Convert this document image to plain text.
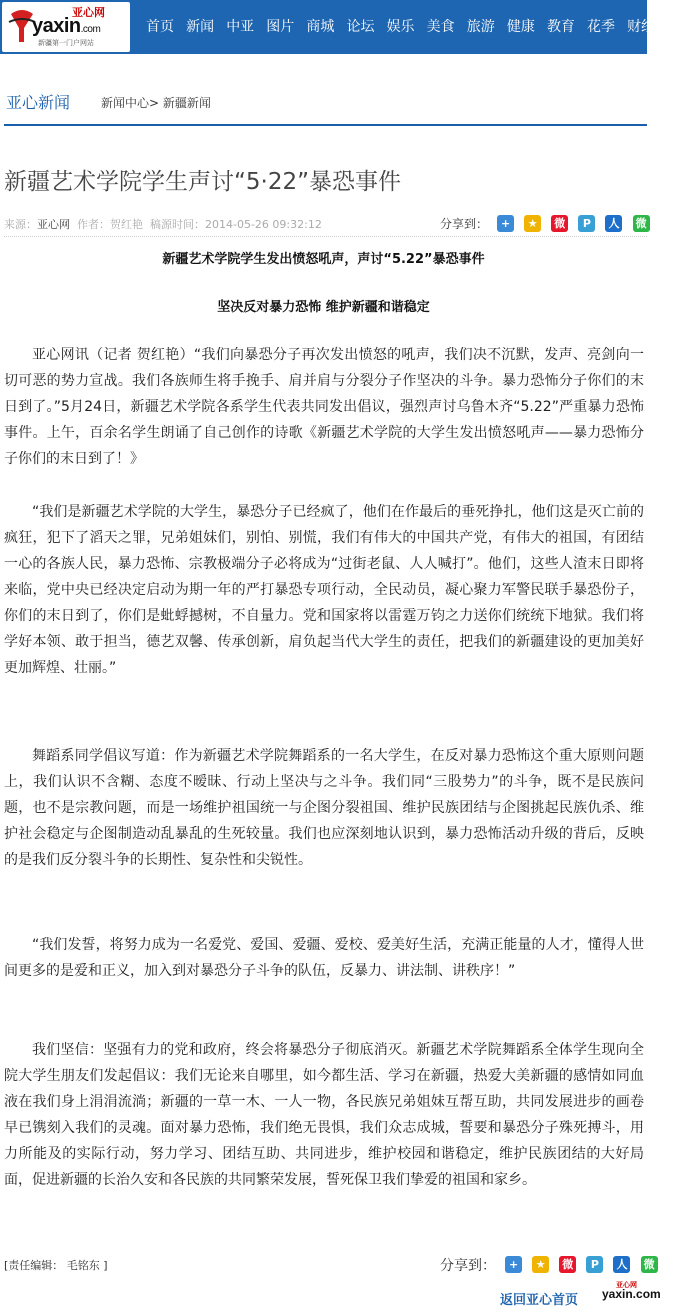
亚心网
yaxin.com
新疆第一门户网站
首页 新闻 中亚 图片 商城 论坛 娱乐 美食 旅游 健康 教育 花季 财经 房
亚心新闻	新闻中心> 新疆新闻
新疆艺术学院学生声讨“5·22”暴恐事件
来源：亚心网 作者：贺红艳 稿源时间：2014-05-26 09:32:12	分享到： + ★ 微 P 人 微
新疆艺术学院学生发出愤怒吼声，声讨“5.22”暴恐事件
坚决反对暴力恐怖 维护新疆和谐稳定

亚心网讯（记者 贺红艳）“我们向暴恐分子再次发出愤怒的吼声，我们决不沉默，发声、亮剑向一切可恶的势力宣战。我们各族师生将手挽手、肩并肩与分裂分子作坚决的斗争。暴力恐怖分子你们的末日到了。”5月24日，新疆艺术学院各系学生代表共同发出倡议，强烈声讨乌鲁木齐“5.22”严重暴力恐怖事件。上午，百余名学生朗诵了自己创作的诗歌《新疆艺术学院的大学生发出愤怒吼声——暴力恐怖分子你们的末日到了！》

“我们是新疆艺术学院的大学生，暴恐分子已经疯了，他们在作最后的垂死挣扎，他们这是灭亡前的疯狂，犯下了滔天之罪，兄弟姐妹们，别怕、别慌，我们有伟大的中国共产党，有伟大的祖国，有团结一心的各族人民，暴力恐怖、宗教极端分子必将成为“过街老鼠、人人喊打”。他们，这些人渣末日即将来临，党中央已经决定启动为期一年的严打暴恐专项行动，全民动员，凝心聚力军警民联手暴恐份子，你们的末日到了，你们是蚍蜉撼树，不自量力。党和国家将以雷霆万钧之力送你们统统下地狱。我们将学好本领、敢于担当，德艺双馨、传承创新，肩负起当代大学生的责任，把我们的新疆建设的更加美好更加辉煌、壮丽。”

舞蹈系同学倡议写道：作为新疆艺术学院舞蹈系的一名大学生，在反对暴力恐怖这个重大原则问题上，我们认识不含糊、态度不暧昧、行动上坚决与之斗争。我们同“三股势力”的斗争，既不是民族问题，也不是宗教问题，而是一场维护祖国统一与企图分裂祖国、维护民族团结与企图挑起民族仇杀、维护社会稳定与企图制造动乱暴乱的生死较量。我们也应深刻地认识到，暴力恐怖活动升级的背后，反映的是我们反分裂斗争的长期性、复杂性和尖锐性。

“我们发誓，将努力成为一名爱党、爱国、爱疆、爱校、爱美好生活，充满正能量的人才，懂得人世间更多的是爱和正义，加入到对暴恐分子斗争的队伍，反暴力、讲法制、讲秩序！”

我们坚信：坚强有力的党和政府，终会将暴恐分子彻底消灭。新疆艺术学院舞蹈系全体学生现向全院大学生朋友们发起倡议：我们无论来自哪里，如今都生活、学习在新疆，热爱大美新疆的感情如同血液在我们身上涓涓流淌；新疆的一草一木、一人一物，各民族兄弟姐妹互帮互助，共同发展进步的画卷早已镌刻入我们的灵魂。面对暴力恐怖，我们绝无畏惧，我们众志成城，誓要和暴恐分子殊死搏斗，用力所能及的实际行动，努力学习、团结互助、共同进步，维护校园和谐稳定，维护民族团结的大好局面，促进新疆的长治久安和各民族的共同繁荣发展，誓死保卫我们挚爱的祖国和家乡。

[责任编辑： 毛铭东 ]	分享到： + ★ 微 P 人 微
返回亚心首页
亚心网
yaxin.com
